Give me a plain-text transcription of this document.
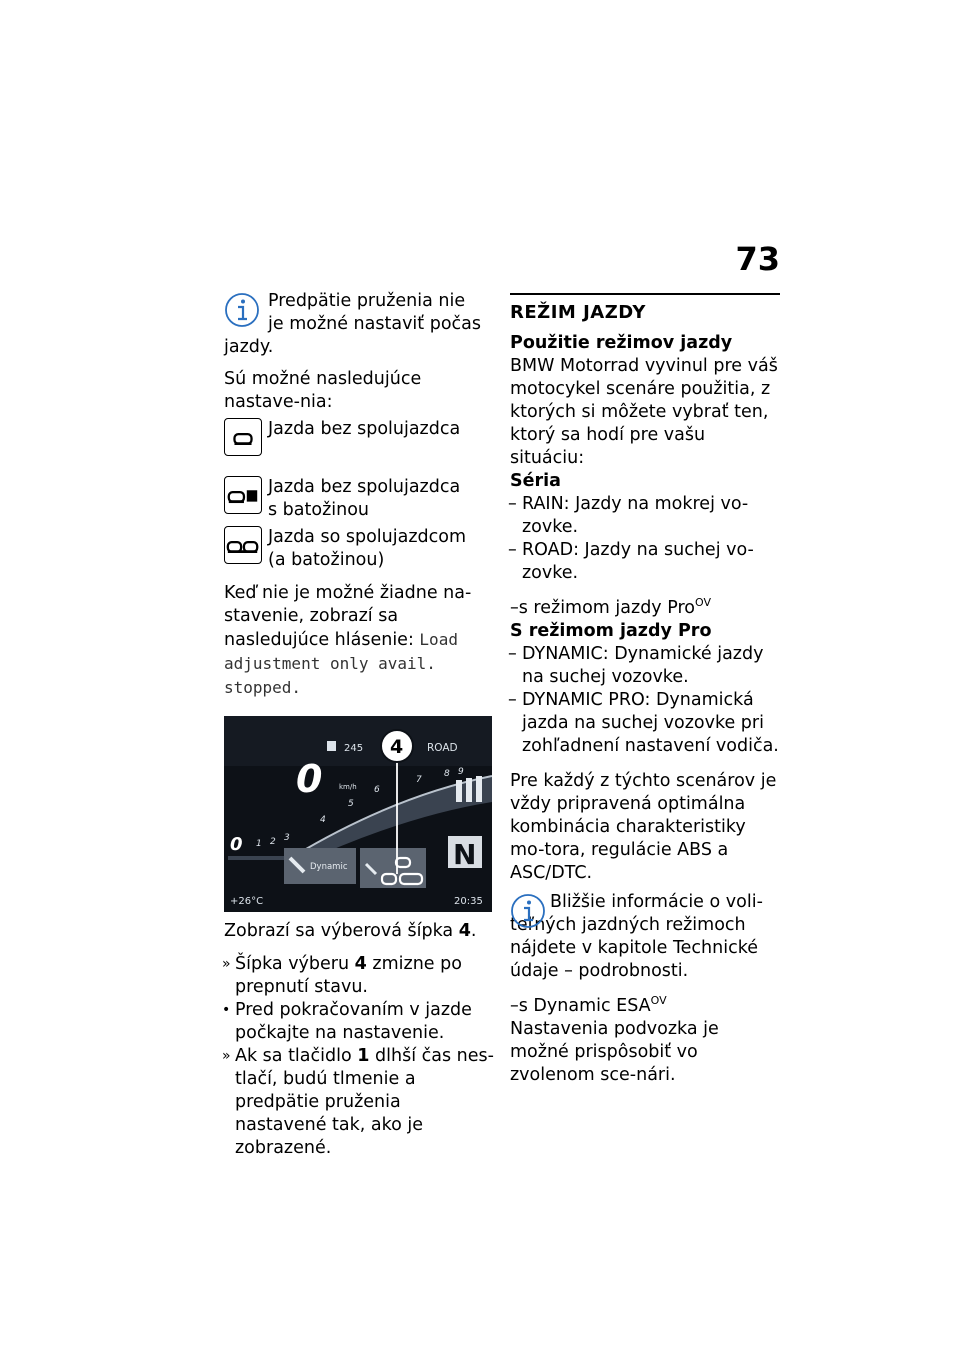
73

Predpätie pruženia nie

je možné nastaviť počas

jazdy.

Sú možné nasledujúce nastave-nia:

Jazda bez spolujazdca

Jazda bez spolujazdca

s batožinou

Jazda so spolujazdcom

(a batožinou)

Keď nie je možné žiadne na-stavenie, zobrazí sa nasledujúce hlásenie: Load adjustment only avail. stopped.

245	ROAD
0 km/h
1 2 3
4
5
6
7
8 9
0	N
Dynamic
+26°C	20:35
4

Zobrazí sa výberová šípka 4.

» Šípka výberu 4 zmizne po prepnutí stavu.
• Pred pokračovaním v jazde počkajte na nastavenie.
» Ak sa tlačidlo 1 dlhší čas nes-tlačí, budú tlmenie a predpätie pruženia nastavené tak, ako je zobrazené.

REŽIM JAZDY

Použitie režimov jazdy

BMW Motorrad vyvinul pre váš motocykel scenáre použitia, z ktorých si môžete vybrať ten, ktorý sa hodí pre vašu situáciu:

Séria

– RAIN: Jazdy na mokrej vo-zovke.
– ROAD: Jazdy na suchej vo-zovke.

–s režimom jazdy Pro$^{OV}$

S režimom jazdy Pro

– DYNAMIC: Dynamické jazdy na suchej vozovke.
– DYNAMIC PRO: Dynamická jazda na suchej vozovke pri zohľadnení nastavení vodiča.

Pre každý z týchto scenárov je vždy pripravená optimálna kombinácia charakteristiky mo-tora, regulácie ABS a ASC/DTC.

Bližšie informácie o voli-teľných jazdných režimoch nájdete v kapitole Technické údaje – podrobnosti.

–s Dynamic $ESA^{OV}$

Nastavenia podvozka je možné prispôsobiť vo zvolenom sce-nári.
